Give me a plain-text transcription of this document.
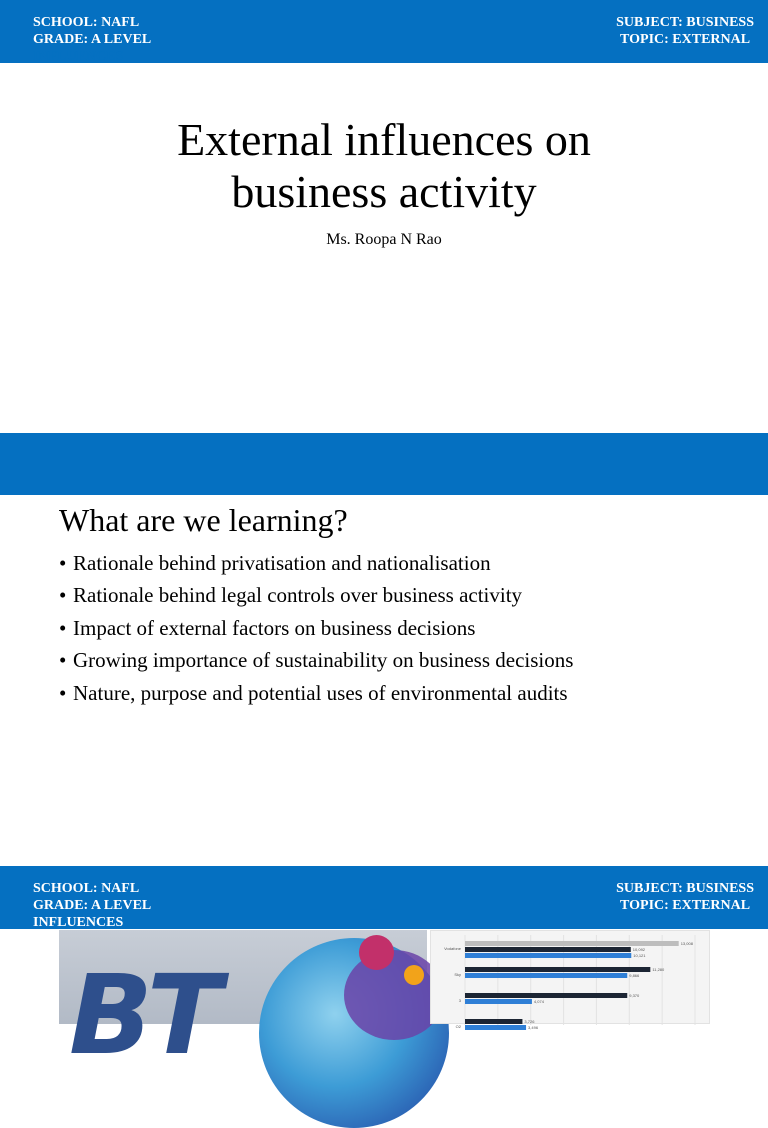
SCHOOL: NAFL
GRADE: A LEVEL
SUBJECT: BUSINESS
TOPIC: EXTERNAL
INFLUENCES
External influences on
business activity
Ms. Roopa N Rao
What are we learning?
• Rationale behind privatisation and nationalisation
• Rationale behind legal controls over business activity
• Impact of external factors on business decisions
• Growing importance of sustainability on business decisions
• Nature, purpose and potential uses of environmental audits
SCHOOL: NAFL
GRADE: A LEVEL
INFLUENCES
SUBJECT: BUSINESS
TOPIC: EXTERNAL
BT
Vodafone
13,008
10,092
10,121
Sky
11,280
9,866
3
9,370
4,074
O2
3,726
3,496
